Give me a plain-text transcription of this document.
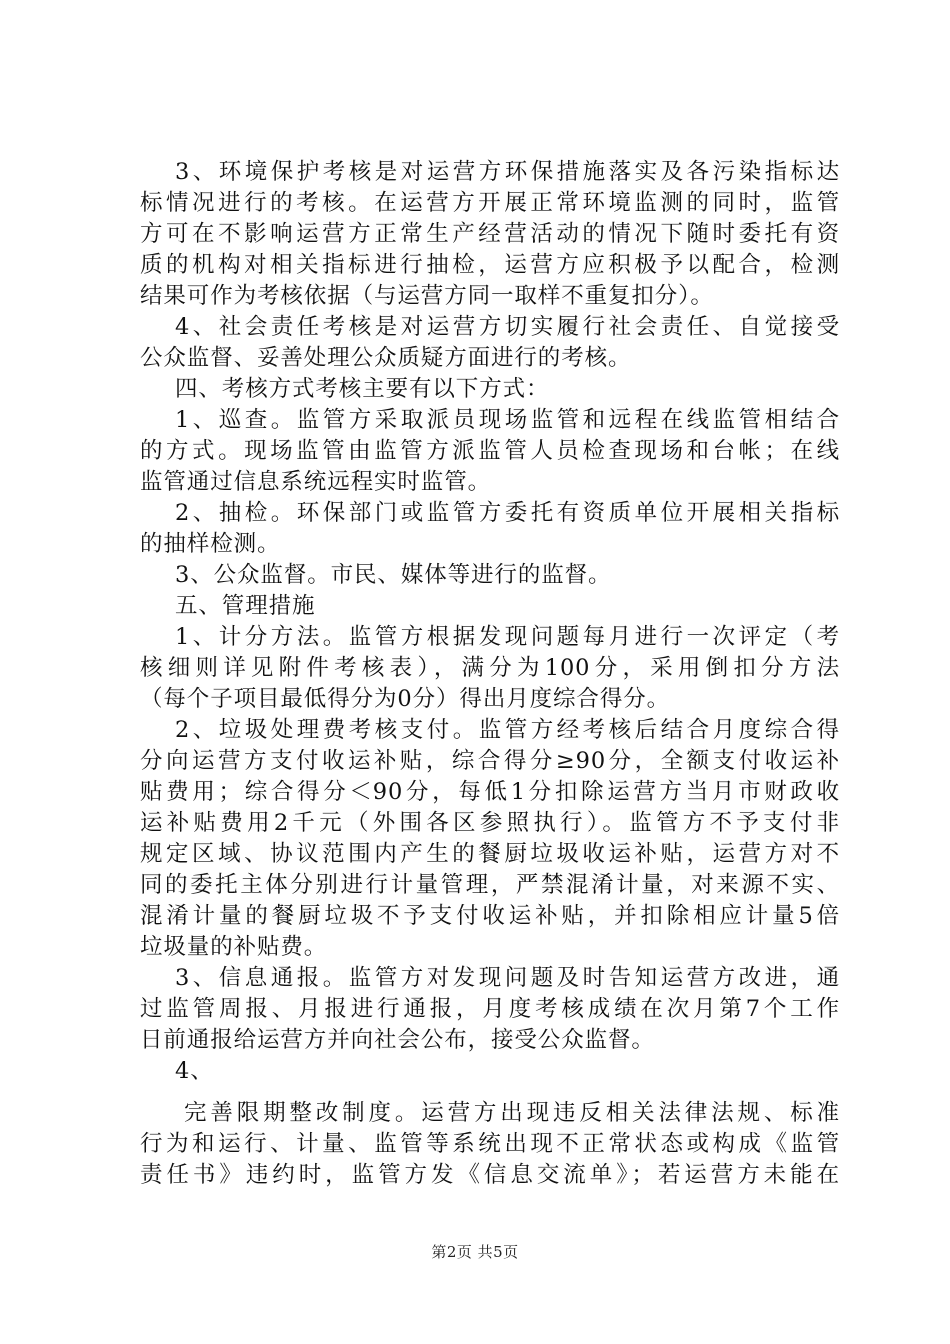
3、环境保护考核是对运营方环保措施落实及各污染指标达
标情况进行的考核。在运营方开展正常环境监测的同时，监管
方可在不影响运营方正常生产经营活动的情况下随时委托有资
质的机构对相关指标进行抽检，运营方应积极予以配合，检测
结果可作为考核依据（与运营方同一取样不重复扣分）。
4、社会责任考核是对运营方切实履行社会责任、自觉接受
公众监督、妥善处理公众质疑方面进行的考核。
四、考核方式考核主要有以下方式：
1、巡查。监管方采取派员现场监管和远程在线监管相结合
的方式。现场监管由监管方派监管人员检查现场和台帐；在线
监管通过信息系统远程实时监管。
2、抽检。环保部门或监管方委托有资质单位开展相关指标
的抽样检测。
3、公众监督。市民、媒体等进行的监督。
五、管理措施
1、计分方法。监管方根据发现问题每月进行一次评定（考
核细则详见附件考核表），满分为100分，采用倒扣分方法
（每个子项目最低得分为0分）得出月度综合得分。
2、垃圾处理费考核支付。监管方经考核后结合月度综合得
分向运营方支付收运补贴，综合得分≥90分，全额支付收运补
贴费用；综合得分＜90分，每低1分扣除运营方当月市财政收
运补贴费用2千元（外围各区参照执行）。监管方不予支付非
规定区域、协议范围内产生的餐厨垃圾收运补贴，运营方对不
同的委托主体分别进行计量管理，严禁混淆计量，对来源不实、
混淆计量的餐厨垃圾不予支付收运补贴，并扣除相应计量5倍
垃圾量的补贴费。
3、信息通报。监管方对发现问题及时告知运营方改进，通
过监管周报、月报进行通报，月度考核成绩在次月第7个工作
日前通报给运营方并向社会公布，接受公众监督。
4、
完善限期整改制度。运营方出现违反相关法律法规、标准
行为和运行、计量、监管等系统出现不正常状态或构成《监管
责任书》违约时，监管方发《信息交流单》；若运营方未能在
第2页 共5页
